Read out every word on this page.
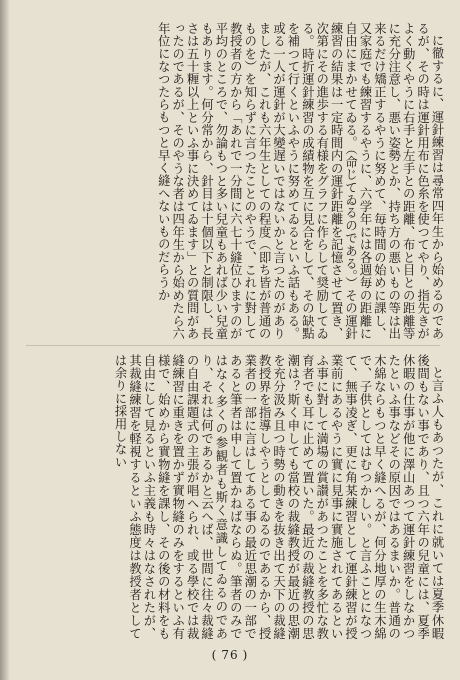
に徹するに、運針練習は尋常四年生から始めるのであるが、その時は運針用布に色糸を使つてやり、指先きがよく動くやうに右手と左手との距離、布と目との距離等に充分注意し、悪い姿勢とか、持ち方の悪いもの等は出来るだけ矯正するやうに努めて、毎時間の始めに課し、又家庭でも練習するやうに、六学年には各週毎の距離に自由にまかせてゐる。（命じてゐるのである。）その運針練習の結果は一定時間内の運針距離を記憶させて置き、次第にその進歩する有様をグラフに作らして奨励してゐる。時折運針練習の成績物を互に見合をして、その缺點を補つて行くといふやうに努めてゐるといふ話もある。或る一人が運針が大變遅いではないかと言つたのがありましたが、これも六年生としての程度（即ち皆が普通のものを）を知らずに言つたことのやうで、これに對して教授者の方から「あれで一分間に六七十縫位ひますのが平均のところで、勿論もつと多い兒童もあれば少い兒童もあります。何分常から、針目は十個以下と制限し、長さは五十糎以上といふ事に決めてゐます」との質問があったのであるが、そのやうな者は四年生から始めたら六年位になつたらもつと早く縫へないものだらうか

と言ふ人もあつたが、これに就いては夏季休暇後間もない事であり、且つ六年の兒童には、夏季休暇の仕事が他に澤山あつて運針練習をしなかつたといふ事などその原因ではあるまいか。普通の木綿ならもつと早く縫へるが、何分地厚の生木綿で、子供としてはむつかしい。と言ふことになつて、無事凌ぎ、更に角某練習として運針練習が授業前にあるやうに實に見事に實施されてあるといふ事に對して満場の賞讃があつたことを多忙な教育者でも耳に止めて置いた。最近の裁縫教授の思潮は？斯く申しても當校の裁縫教授が最近の思潮を充分汲み且つ時勢の動きを抜き出て天下の裁縫教授界を指導しやうとしてゐるのであるから、授業者の一部に言はしてある事の最近思潮の一部であると筆者は申して置かねばならぬ。筆者のみではなく多くの参観者も斯く意識してゐるのであり、それは何であるかと云へば、世間に往々裁縫の自由課題式の主張が唱へられ、或る學校では裁縫練習に重きを置かず實物縫のみをするといふ有様で、始めから實物縫を課し、その後の材料をも自由にして見るといふ主義も時々はなされたが、其裁縫練習を軽視するといふ態度は教授者としては余りに採用しない

( 76 )
